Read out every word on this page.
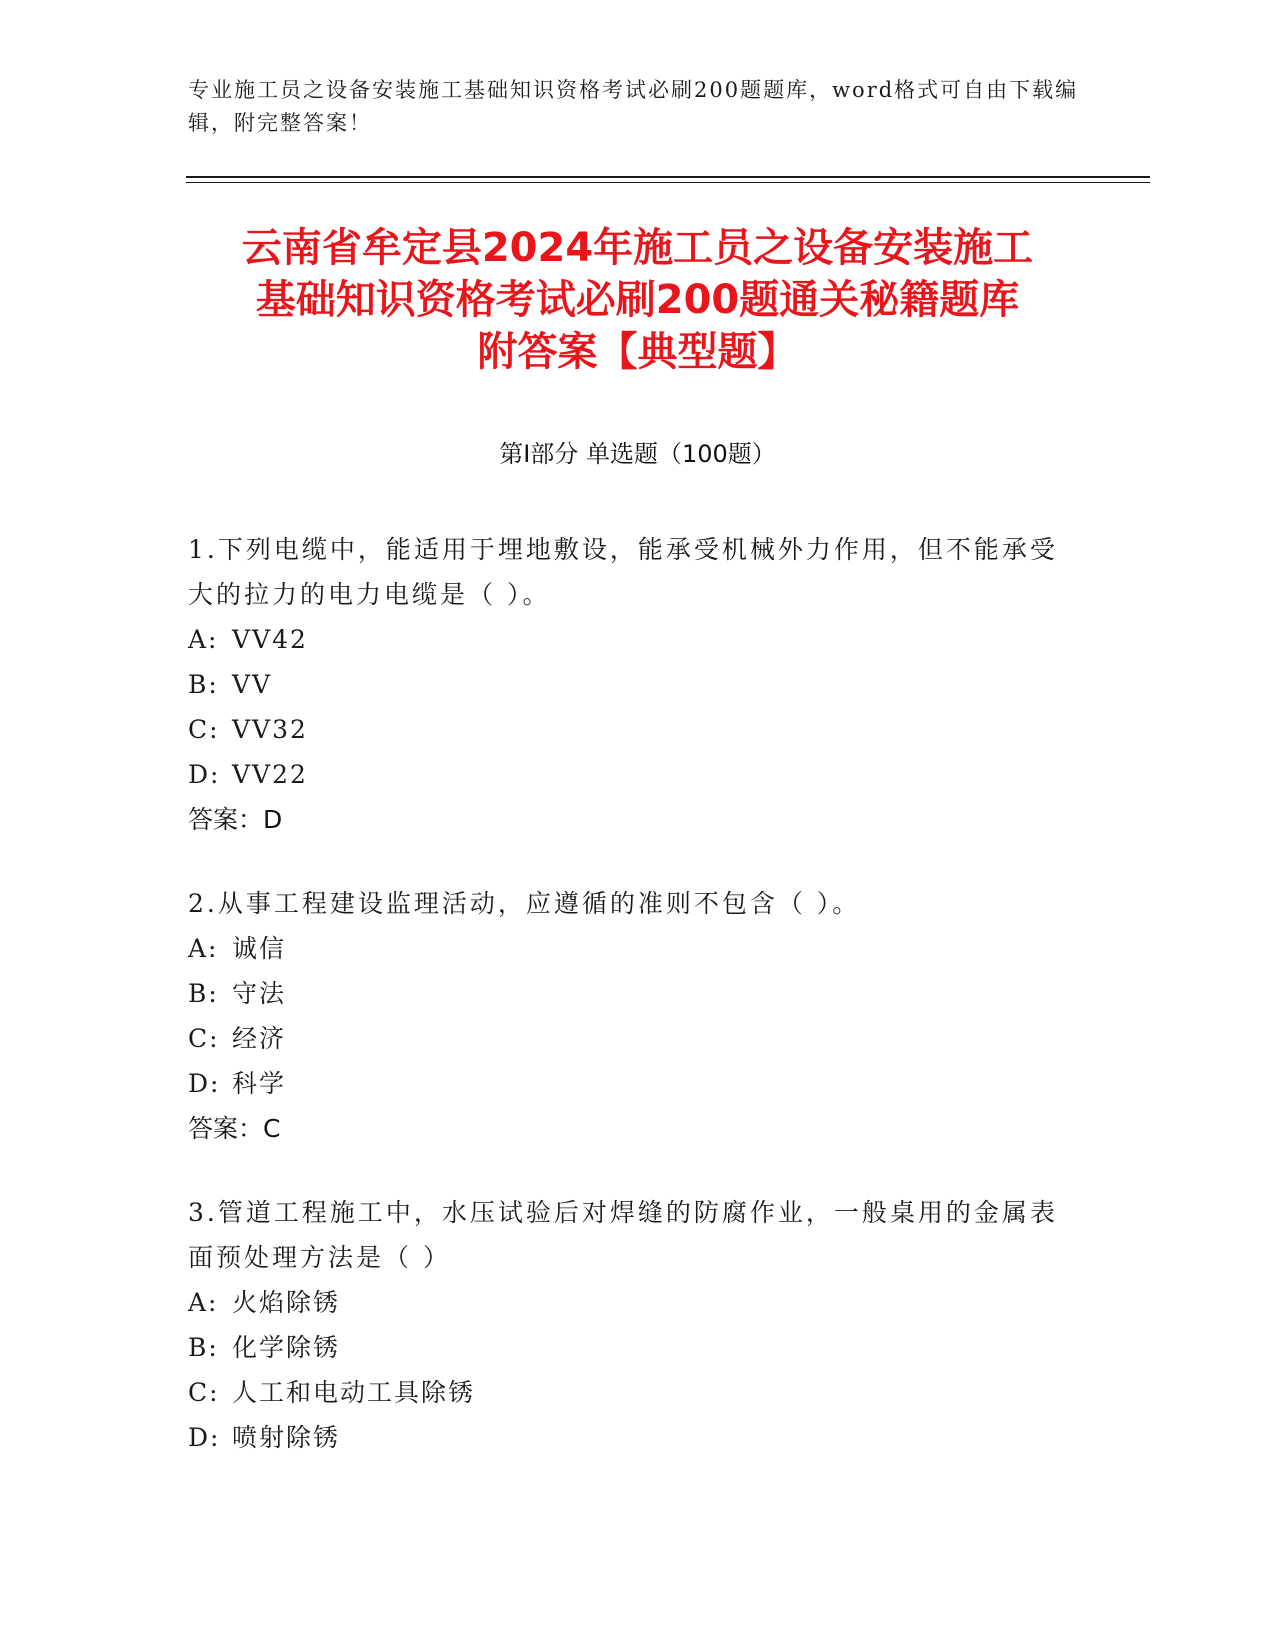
专业施工员之设备安装施工基础知识资格考试必刷200题题库，word格式可自由下载编辑，附完整答案！
云南省牟定县2024年施工员之设备安装施工
基础知识资格考试必刷200题通关秘籍题库
附答案【典型题】
第Ⅰ部分 单选题（100题）
1.下列电缆中，能适用于埋地敷设，能承受机械外力作用，但不能承受大的拉力的电力电缆是（ ）。
A: VV42
B: VV
C: VV32
D: VV22
答案：D
2.从事工程建设监理活动，应遵循的准则不包含（ ）。
A: 诚信
B: 守法
C: 经济
D: 科学
答案：C
3.管道工程施工中，水压试验后对焊缝的防腐作业，一般桌用的金属表面预处理方法是（ ）
A: 火焰除锈
B: 化学除锈
C: 人工和电动工具除锈
D: 喷射除锈
